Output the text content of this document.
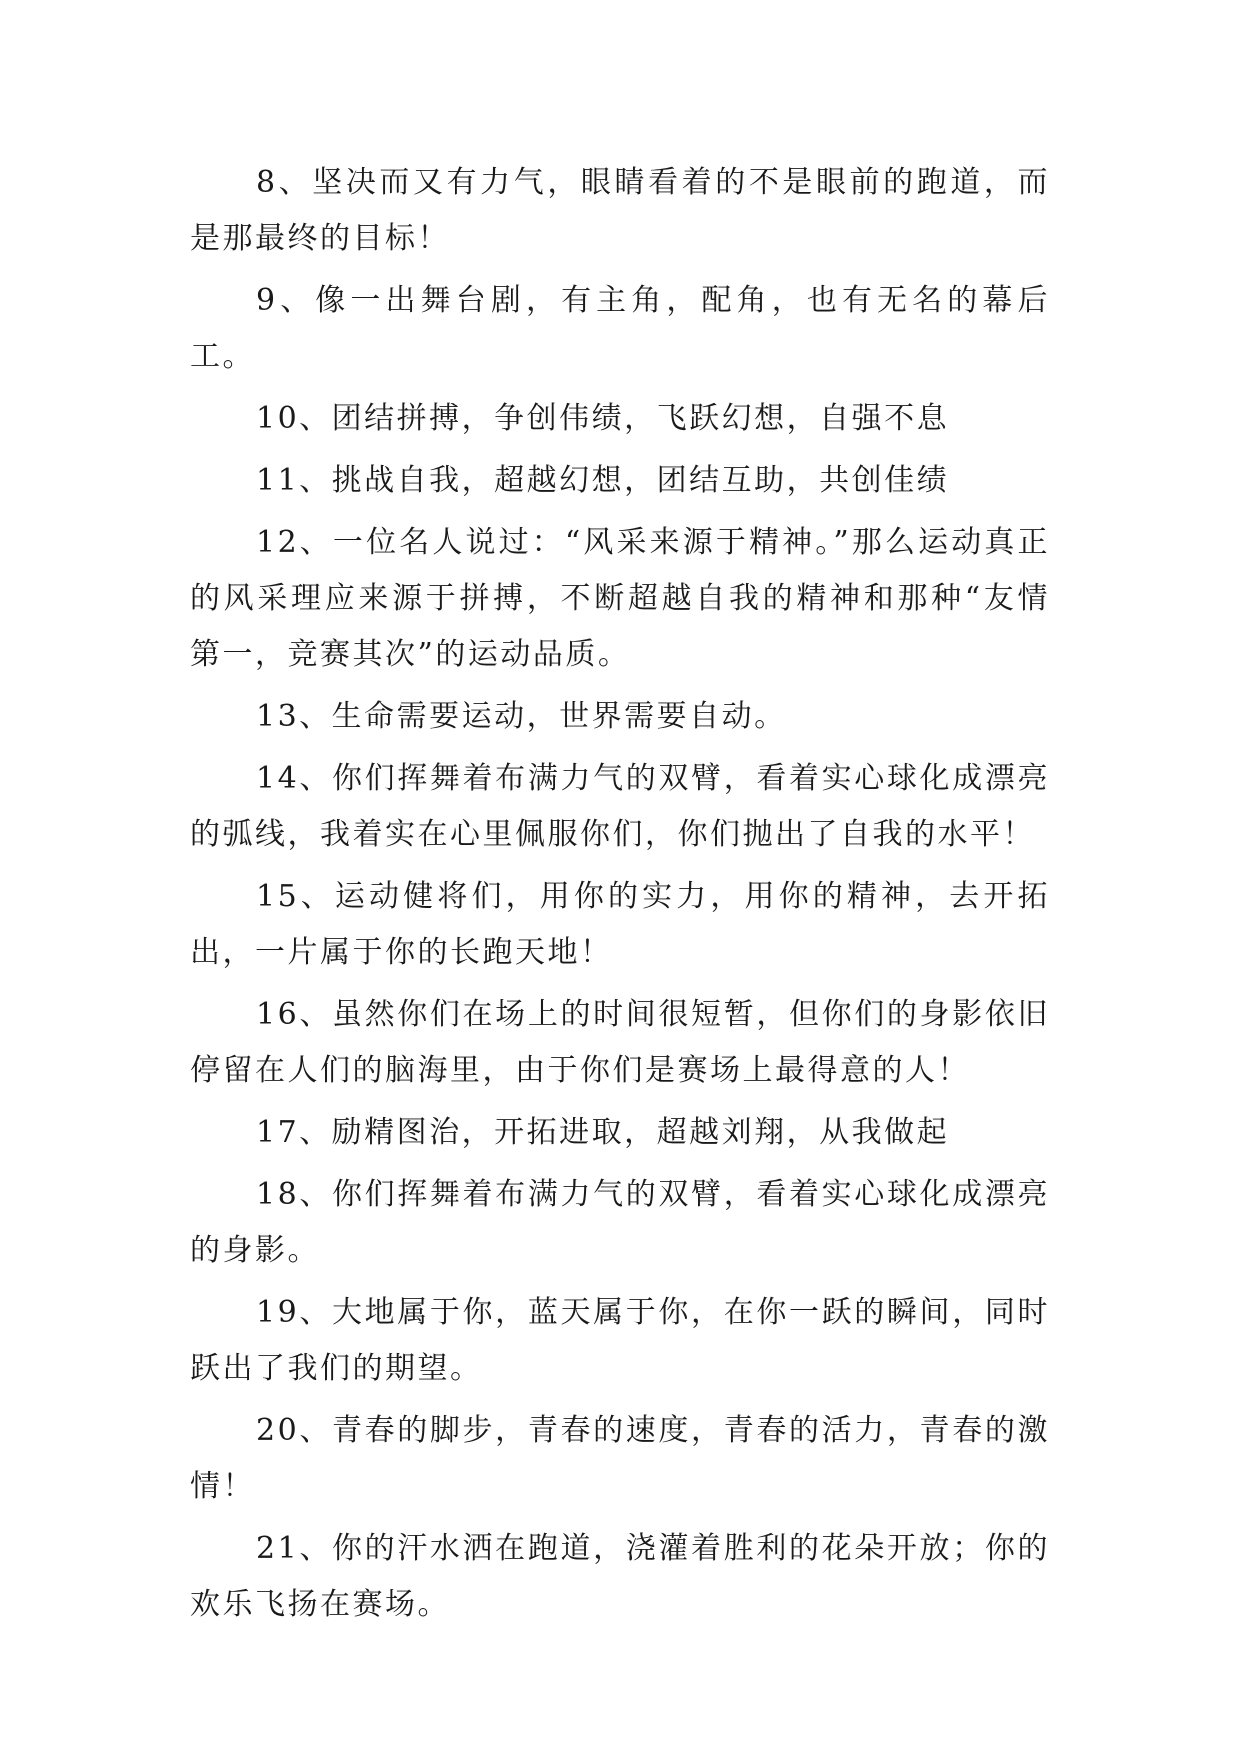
8、坚决而又有力气，眼睛看着的不是眼前的跑道，而是那最终的目标！

9、像一出舞台剧，有主角，配角，也有无名的幕后工。

10、团结拼搏，争创伟绩，飞跃幻想，自强不息

11、挑战自我，超越幻想，团结互助，共创佳绩

12、一位名人说过：“风采来源于精神。”那么运动真正的风采理应来源于拼搏，不断超越自我的精神和那种“友情第一，竞赛其次”的运动品质。

13、生命需要运动，世界需要自动。

14、你们挥舞着布满力气的双臂，看着实心球化成漂亮的弧线，我着实在心里佩服你们，你们抛出了自我的水平！

15、运动健将们，用你的实力，用你的精神，去开拓出，一片属于你的长跑天地！

16、虽然你们在场上的时间很短暂，但你们的身影依旧停留在人们的脑海里，由于你们是赛场上最得意的人！

17、励精图治，开拓进取，超越刘翔，从我做起

18、你们挥舞着布满力气的双臂，看着实心球化成漂亮的身影。

19、大地属于你，蓝天属于你，在你一跃的瞬间，同时跃出了我们的期望。

20、青春的脚步，青春的速度，青春的活力，青春的激情！

21、你的汗水洒在跑道，浇灌着胜利的花朵开放；你的欢乐飞扬在赛场。
